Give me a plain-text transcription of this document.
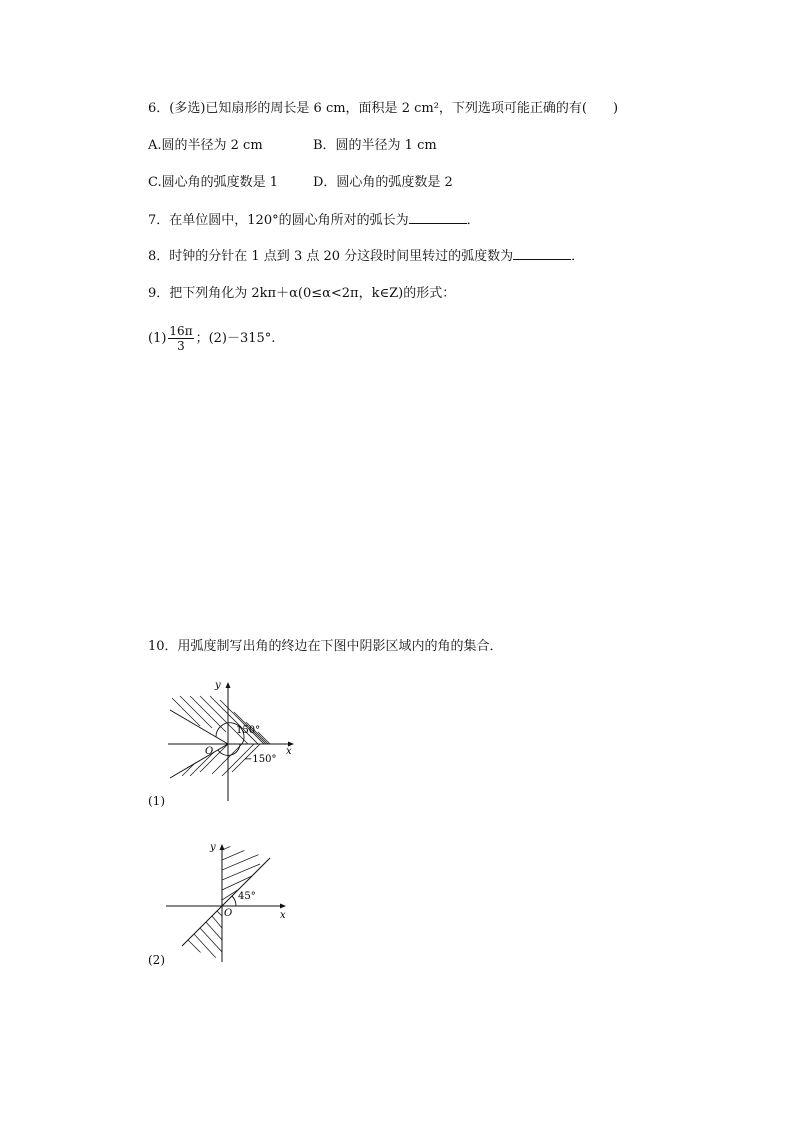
6．(多选)已知扇形的周长是 6 cm，面积是 2 cm²，下列选项可能正确的有(　　)
A.圆的半径为 2 cm	B．圆的半径为 1 cm
C.圆心角的弧度数是 1	D．圆心角的弧度数是 2
7．在单位圆中，120°的圆心角所对的弧长为	．
8．时钟的分针在 1 点到 3 点 20 分这段时间里转过的弧度数为	．
9．把下列角化为 2kπ＋α(0≤α<2π，k∈Z)的形式：
$(1) \frac{16\pi}{3}$ ；(2)－315°.
10．用弧度制写出角的终边在下图中阴影区域内的角的集合．
y
x
O
150°
−150°
(1)
y
x
O
45°
(2)
